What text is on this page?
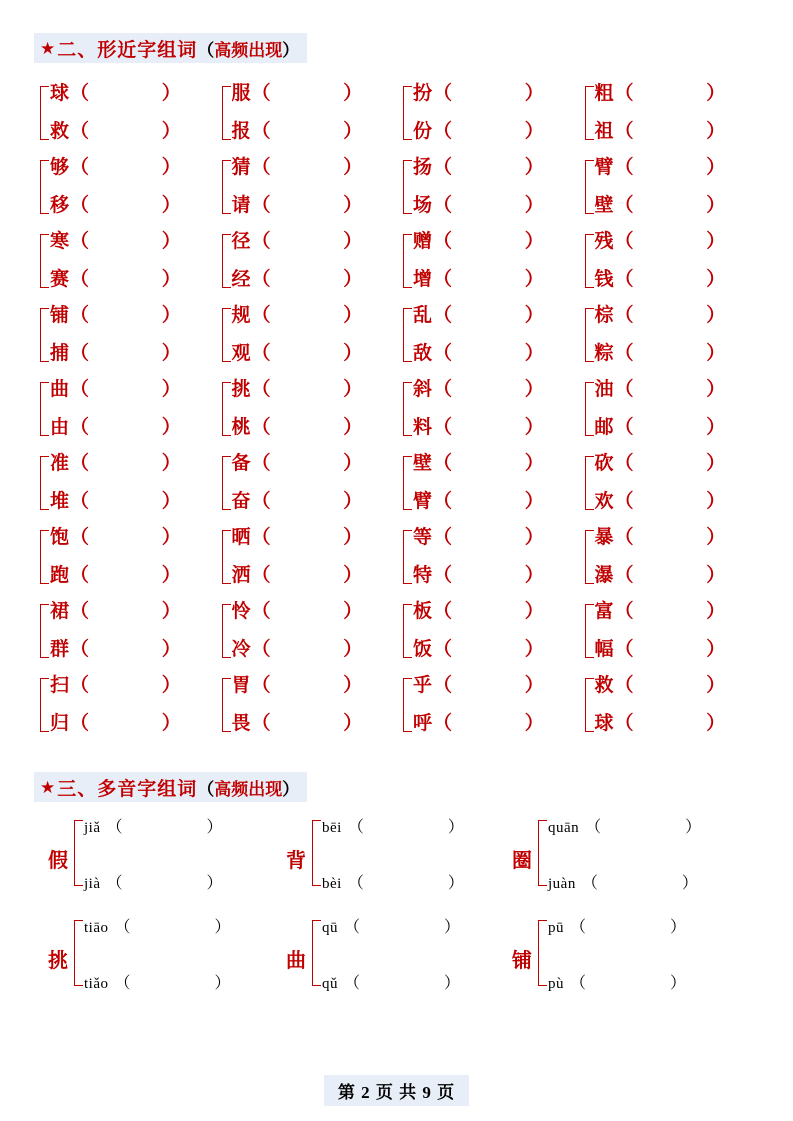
★ 二、形近字组词 （ 高频出现 ）
球 （ ）
救 （ ）
服 （ ）
报 （ ）
扮 （ ）
份 （ ）
粗 （ ）
祖 （ ）
够 （ ）
移 （ ）
猜 （ ）
请 （ ）
扬 （ ）
场 （ ）
臂 （ ）
壁 （ ）
寒 （ ）
赛 （ ）
径 （ ）
经 （ ）
赠 （ ）
增 （ ）
残 （ ）
钱 （ ）
铺 （ ）
捕 （ ）
规 （ ）
观 （ ）
乱 （ ）
敌 （ ）
棕 （ ）
粽 （ ）
曲 （ ）
由 （ ）
挑 （ ）
桃 （ ）
斜 （ ）
料 （ ）
油 （ ）
邮 （ ）
准 （ ）
堆 （ ）
备 （ ）
奋 （ ）
壁 （ ）
臂 （ ）
砍 （ ）
欢 （ ）
饱 （ ）
跑 （ ）
晒 （ ）
洒 （ ）
等 （ ）
特 （ ）
暴 （ ）
瀑 （ ）
裙 （ ）
群 （ ）
怜 （ ）
冷 （ ）
板 （ ）
饭 （ ）
富 （ ）
幅 （ ）
扫 （ ）
归 （ ）
胃 （ ）
畏 （ ）
乎 （ ）
呼 （ ）
救 （ ）
球 （ ）
★ 三、多音字组词 （ 高频出现 ）
假
jiǎ （ ）
jià （ ）
背
bēi （ ）
bèi （ ）
圈
quān （ ）
juàn （ ）
挑
tiāo （ ）
tiǎo （ ）
曲
qū （ ）
qǔ （ ）
铺
pū （ ）
pù （ ）
第 2 页 共 9 页
